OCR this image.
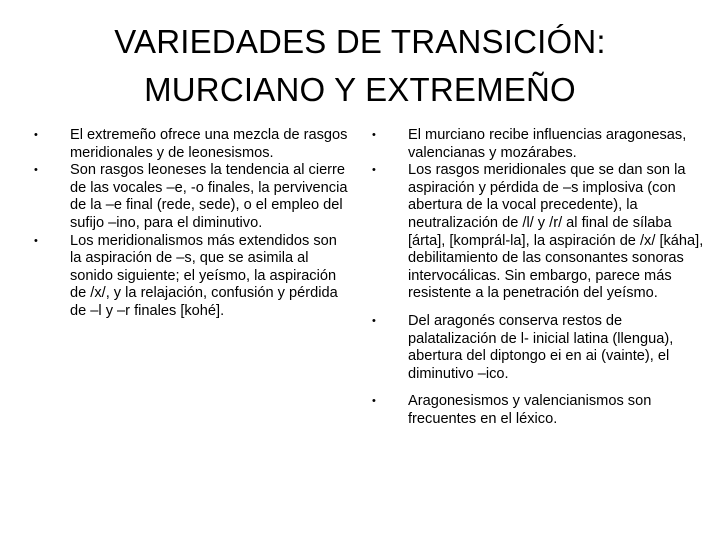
VARIEDADES DE TRANSICIÓN:
MURCIANO Y EXTREMEÑO
• El extremeño ofrece una mezcla de rasgos meridionales y de leonesismos.
• Son rasgos leoneses la tendencia al cierre de las vocales –e, -o finales, la pervivencia de la –e final (rede, sede), o el empleo del sufijo –ino, para el diminutivo.
• Los meridionalismos más extendidos son la aspiración de –s, que se asimila al sonido siguiente; el yeísmo, la aspiración de /x/, y la relajación, confusión y pérdida de –l y –r finales [kohé].
• El murciano recibe influencias aragonesas, valencianas y mozárabes.
• Los rasgos meridionales que se dan son la aspiración y pérdida de –s implosiva (con abertura de la vocal precedente), la neutralización de /l/ y /r/ al final de sílaba [árta], [komprál-la], la aspiración de /x/ [káha], debilitamiento de las consonantes sonoras intervocálicas. Sin embargo, parece más resistente a la penetración del yeísmo.
• Del aragonés conserva restos de palatalización de l- inicial latina (llengua), abertura del diptongo ei en ai (vainte), el diminutivo –ico.
• Aragonesismos y valencianismos son frecuentes en el léxico.
